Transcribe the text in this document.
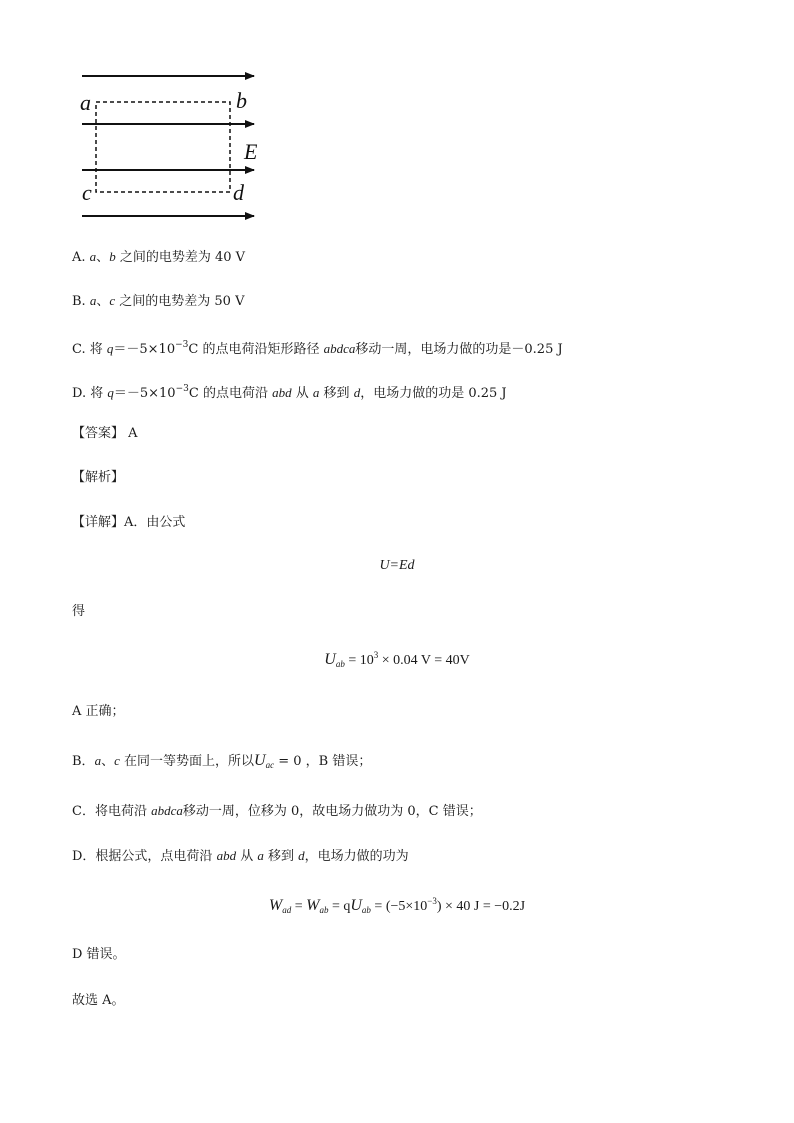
a	b
E
c	d
A. a、b 之间的电势差为 40 V
B. a、c 之间的电势差为 50 V
C. 将 $q=-5\times 10^{-3}C$ 的点电荷沿矩形路径 abdca移动一周，电场力做的功是－0.25 J
D. 将 $q=-5\times 10^{-3}C$ 的点电荷沿 abd 从 a 移到 d，电场力做的功是 0.25 J
【答案】 A
【解析】
【详解】A．由公式
U=Ed
得
$U_{ab} = 10^3 \times 0.04$ V = 40V
A 正确；
B．a、c 在同一等势面上，所以$U_{ac} = 0$ ，B 错误；
C．将电荷沿 abdca移动一周，位移为 0，故电场力做功为 0，C 错误；
D．根据公式，点电荷沿 abd 从 a 移到 d，电场力做的功为
$W_{ad} = W_{ab} = qU_{ab} = (-5\times 10^{-3}) \times 40$ J = −0.2J
D 错误。
故选 A。
